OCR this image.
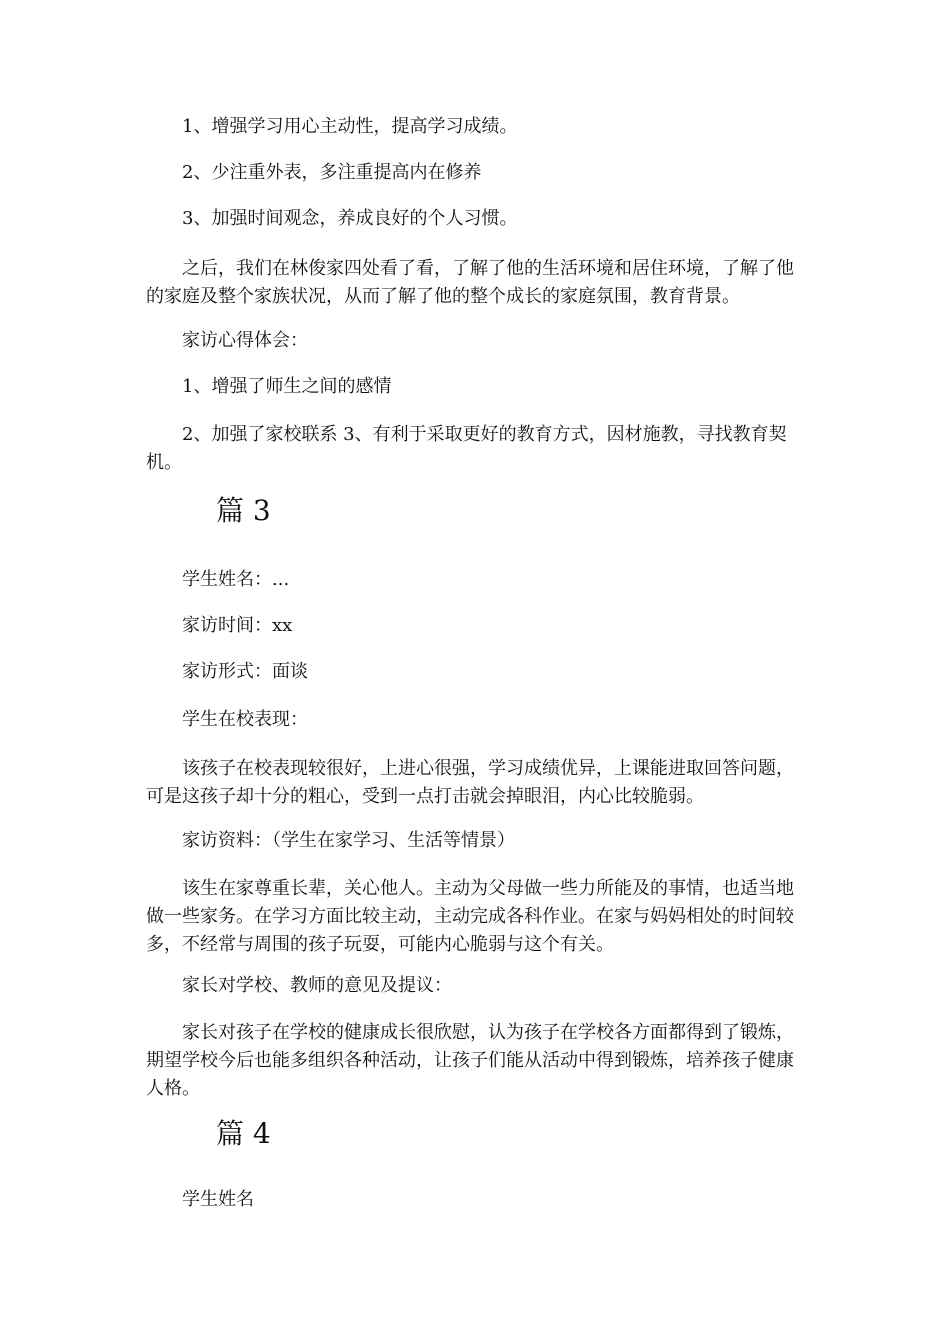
1、增强学习用心主动性，提高学习成绩。
2、少注重外表，多注重提高内在修养
3、加强时间观念，养成良好的个人习惯。
之后，我们在林俊家四处看了看，了解了他的生活环境和居住环境，了解了他的家庭及整个家族状况，从而了解了他的整个成长的家庭氛围，教育背景。
家访心得体会：
1、增强了师生之间的感情
2、加强了家校联系 3、有利于采取更好的教育方式，因材施教，寻找教育契机。
篇 3
学生姓名：...
家访时间：xx
家访形式：面谈
学生在校表现：
该孩子在校表现较很好，上进心很强，学习成绩优异，上课能进取回答问题，可是这孩子却十分的粗心，受到一点打击就会掉眼泪，内心比较脆弱。
家访资料：（学生在家学习、生活等情景）
该生在家尊重长辈，关心他人。主动为父母做一些力所能及的事情，也适当地做一些家务。在学习方面比较主动，主动完成各科作业。在家与妈妈相处的时间较多，不经常与周围的孩子玩耍，可能内心脆弱与这个有关。
家长对学校、教师的意见及提议：
家长对孩子在学校的健康成长很欣慰，认为孩子在学校各方面都得到了锻炼，期望学校今后也能多组织各种活动，让孩子们能从活动中得到锻炼，培养孩子健康人格。
篇 4
学生姓名
